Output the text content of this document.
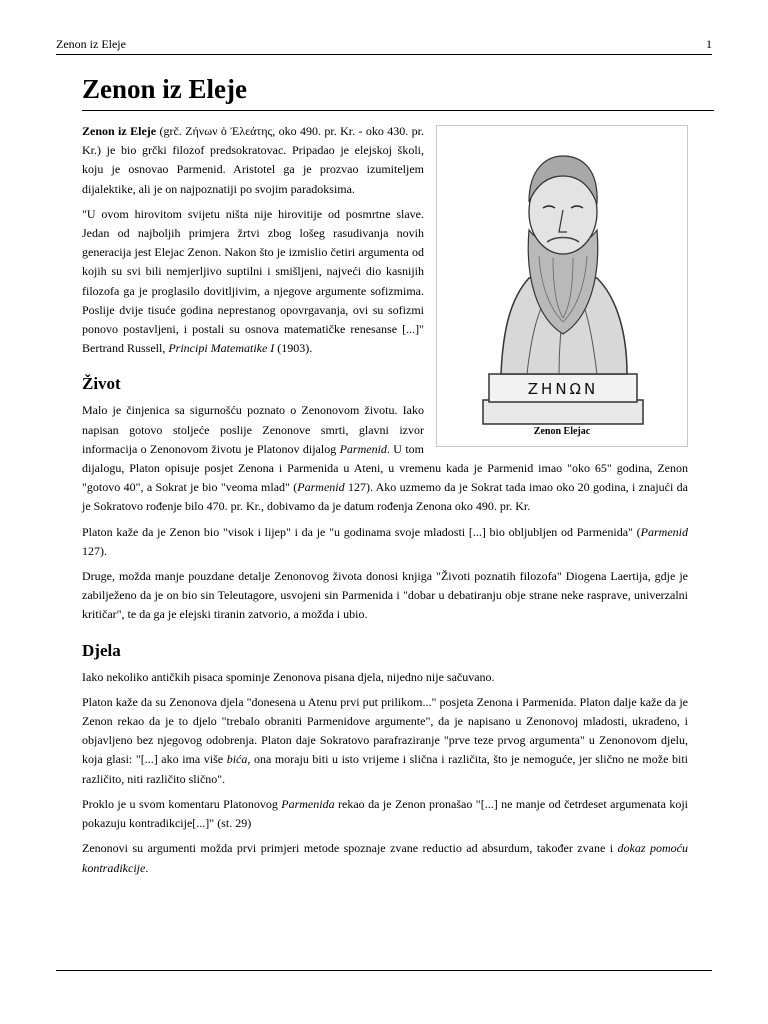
Zenon iz Eleje	1
Zenon iz Eleje
ΖΗΝΩΝ
Zenon Elejac

Zenon iz Eleje (grč. Ζήνων ὁ Ἐλεάτης, oko 490. pr. Kr. - oko 430. pr. Kr.) je bio grčki filozof predsokratovac. Pripadao je elejskoj školi, koju je osnovao Parmenid. Aristotel ga je prozvao izumiteljem dijalektike, ali je on najpoznatiji po svojim paradoksima.

"U ovom hirovitom svijetu ništa nije hirovitije od posmrtne slave. Jedan od najboljih primjera žrtvi zbog lošeg rasudivanja novih generacija jest Elejac Zenon. Nakon što je izmislio četiri argumenta od kojih su svi bili nemjerljivo suptilni i smišljeni, najveći dio kasnijih filozofa ga je proglasilo dovitljivim, a njegove argumente sofizmima. Poslije dvije tisuće godina neprestanog opovrgavanja, ovi su sofizmi ponovo postavljeni, i postali su osnova matematičke renesanse [...]" Bertrand Russell, Principi Matematike I (1903).

Život

Malo je činjenica sa sigurnošću poznato o Zenonovom životu. Iako napisan gotovo stoljeće poslije Zenonove smrti, glavni izvor informacija o Zenonovom životu je Platonov dijalog Parmenid. U tom dijalogu, Platon opisuje posjet Zenona i Parmenida u Ateni, u vremenu kada je Parmenid imao "oko 65" godina, Zenon "gotovo 40", a Sokrat je bio "veoma mlad" (Parmenid 127). Ako uzmemo da je Sokrat tada imao oko 20 godina, i znajući da je Sokratovo rođenje bilo 470. pr. Kr., dobivamo da je datum rođenja Zenona oko 490. pr. Kr.

Platon kaže da je Zenon bio "visok i lijep" i da je "u godinama svoje mladosti [...] bio obljubljen od Parmenida" (Parmenid 127).

Druge, možda manje pouzdane detalje Zenonovog života donosi knjiga "Životi poznatih filozofa" Diogena Laertija, gdje je zabilježeno da je on bio sin Teleutagore, usvojeni sin Parmenida i "dobar u debatiranju obje strane neke rasprave, univerzalni kritičar", te da ga je elejski tiranin zatvorio, a možda i ubio.

Djela

Iako nekoliko antičkih pisaca spominje Zenonova pisana djela, nijedno nije sačuvano.

Platon kaže da su Zenonova djela "donesena u Atenu prvi put prilikom..." posjeta Zenona i Parmenida. Platon dalje kaže da je Zenon rekao da je to djelo "trebalo obraniti Parmenidove argumente", da je napisano u Zenonovoj mladosti, ukradeno, i objavljeno bez njegovog odobrenja. Platon daje Sokratovo parafraziranje "prve teze prvog argumenta" u Zenonovom djelu, koja glasi: "[...] ako ima više bića, ona moraju biti u isto vrijeme i slična i različita, što je nemoguće, jer slično ne može biti različito, niti različito slično".

Proklo je u svom komentaru Platonovog Parmenida rekao da je Zenon pronašao "[...] ne manje od četrdeset argumenata koji pokazuju kontradikcije[...]" (st. 29)

Zenonovi su argumenti možda prvi primjeri metode spoznaje zvane reductio ad absurdum, također zvane i dokaz pomoću kontradikcije.
